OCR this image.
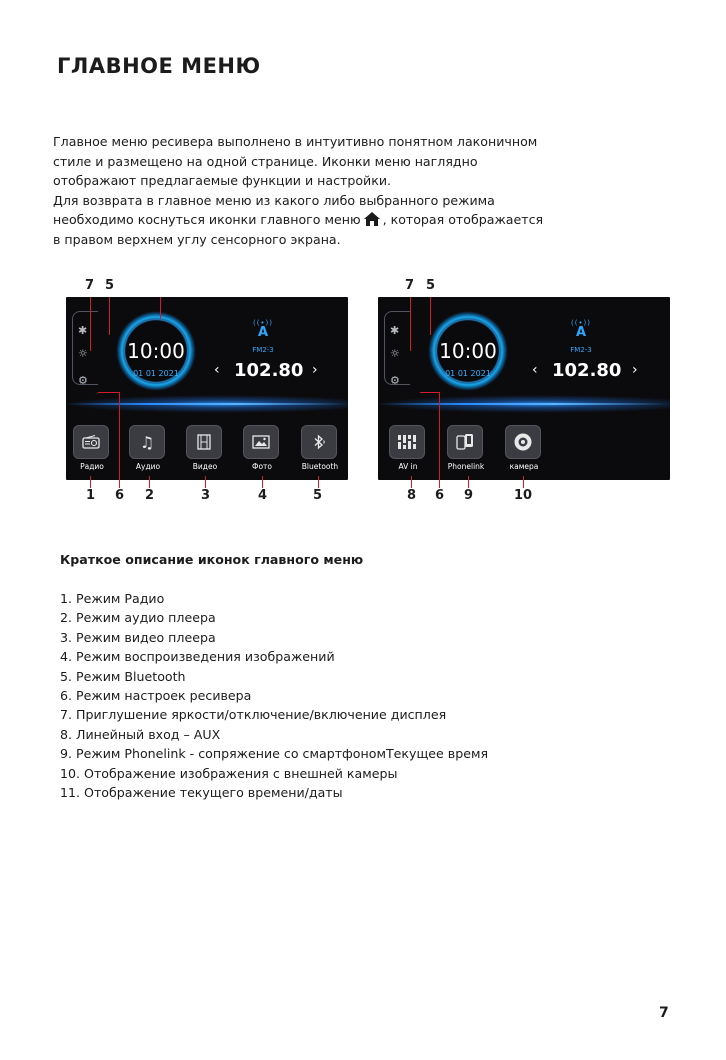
ГЛАВНОЕ МЕНЮ
Главное меню ресивера выполнено в интуитивно понятном лаконичном
стиле и размещено на одной странице. Иконки меню наглядно
отображают предлагаемые функции и настройки.
Для возврата в главное меню из какого либо выбранного режима
необходимо коснуться иконки главного меню , которая отображается
в правом верхнем углу сенсорного экрана.
✱
☼
⚙
10:00
01 01 2021
((•))
A
FM2-3
‹ 102.80 ›
Радио
♫
Аудио	Видео	Фото	Bluetooth
✱
☼
⚙
10:00
01 01 2021
((•))
A
FM2-3
‹ 102.80 ›
AV in	Phonelink	камера
7 5	7 5
1 6 2	3	4	5	8 6 9	10
Краткое описание иконок главного меню
1. Режим Радио
2. Режим аудио плеера
3. Режим видео плеера
4. Режим воспроизведения изображений
5. Режим Bluetooth
6. Режим настроек ресивера
7. Приглушение яркости/отключение/включение дисплея
8. Линейный вход – AUX
9. Режим Phonelink - сопряжение со смартфономТекущее время
10. Отображение изображения с внешней камеры
11. Отображение текущего времени/даты
7
